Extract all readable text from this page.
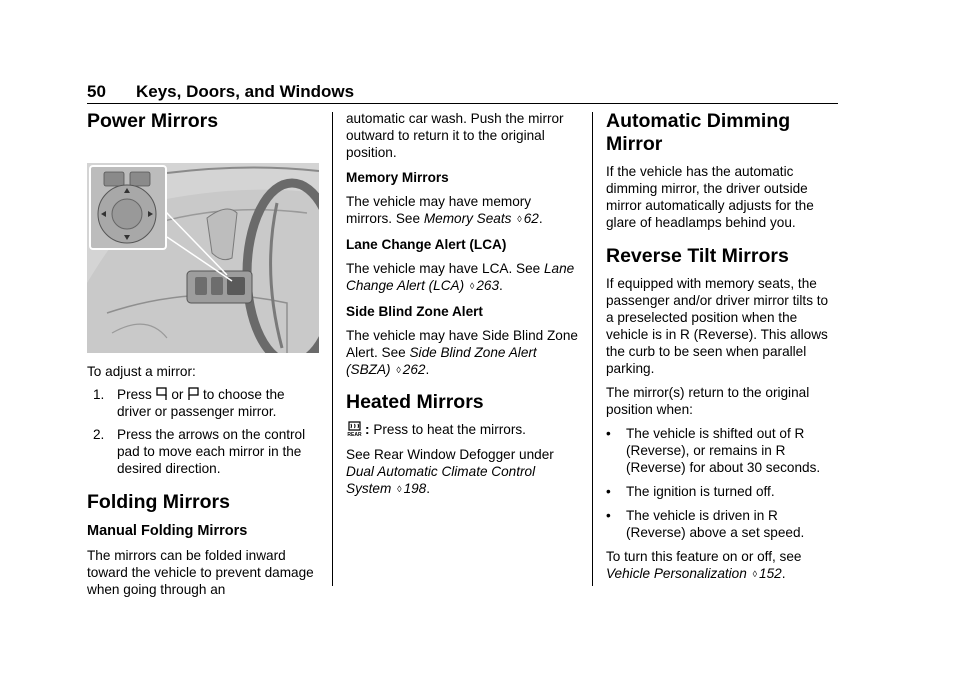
50 Keys, Doors, and Windows
Power Mirrors

To adjust a mirror:

1. Press or to choose the driver or passenger mirror.
2. Press the arrows on the control pad to move each mirror in the desired direction.
Folding Mirrors
Manual Folding Mirrors

The mirrors can be folded inward toward the vehicle to prevent damage when going through an

automatic car wash. Push the mirror outward to return it to the original position.

Memory Mirrors

The vehicle may have memory mirrors. See Memory Seats ◊ 62.

Lane Change Alert (LCA)

The vehicle may have LCA. See Lane Change Alert (LCA) ◊ 263.

Side Blind Zone Alert

The vehicle may have Side Blind Zone Alert. See Side Blind Zone Alert (SBZA) ◊ 262.

Heated Mirrors

REAR : Press to heat the mirrors.

See Rear Window Defogger under Dual Automatic Climate Control System ◊ 198.

Automatic Dimming
Mirror

If the vehicle has the automatic dimming mirror, the driver outside mirror automatically adjusts for the glare of headlamps behind you.

Reverse Tilt Mirrors

If equipped with memory seats, the passenger and/or driver mirror tilts to a preselected position when the vehicle is in R (Reverse). This allows the curb to be seen when parallel parking.

The mirror(s) return to the original position when:

• The vehicle is shifted out of R (Reverse), or remains in R (Reverse) for about 30 seconds.
• The ignition is turned off.
• The vehicle is driven in R (Reverse) above a set speed.

To turn this feature on or off, see Vehicle Personalization ◊ 152.
